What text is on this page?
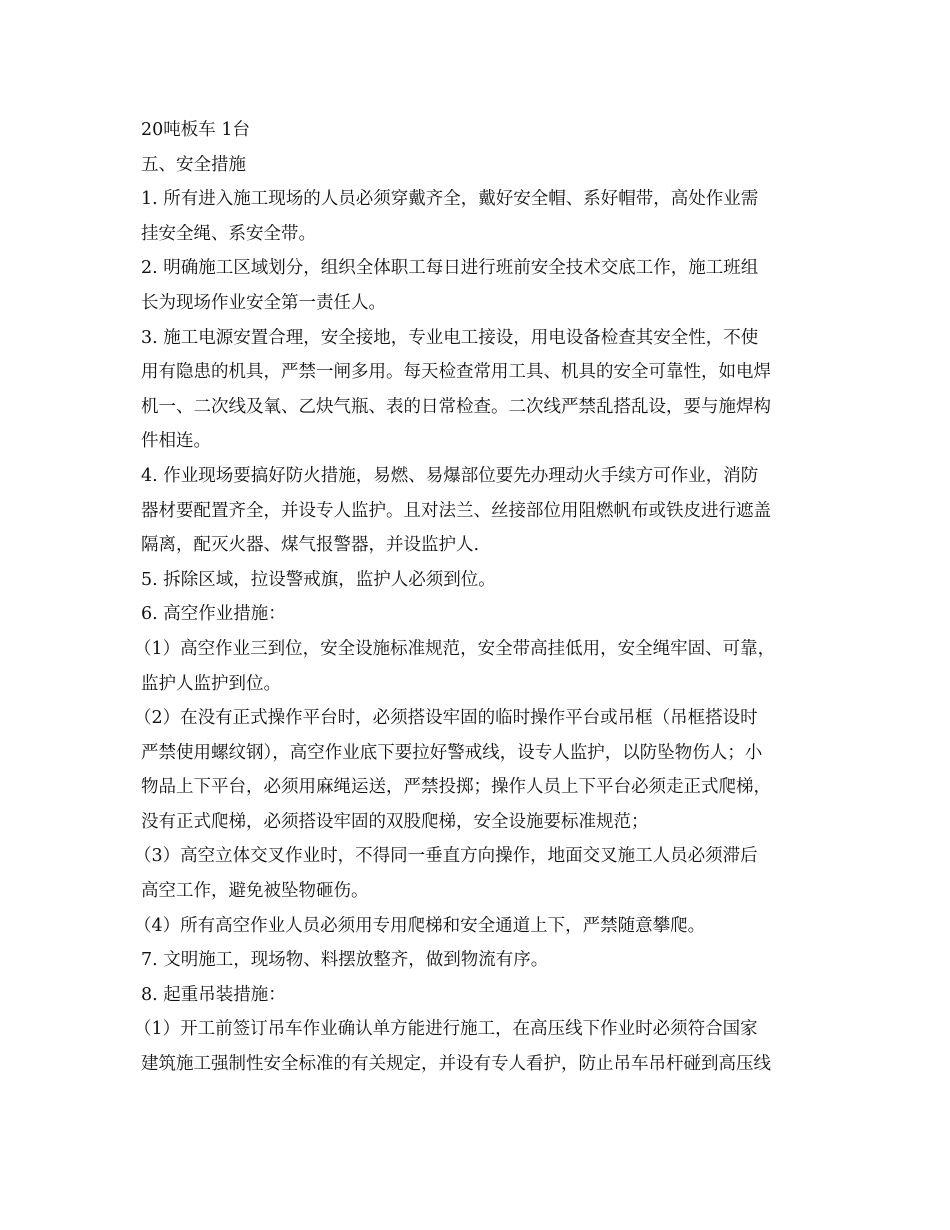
20吨板车 1台
五、安全措施
1. 所有进入施工现场的人员必须穿戴齐全，戴好安全帽、系好帽带，高处作业需
挂安全绳、系安全带。
2. 明确施工区域划分，组织全体职工每日进行班前安全技术交底工作，施工班组
长为现场作业安全第一责任人。
3. 施工电源安置合理，安全接地，专业电工接设，用电设备检查其安全性，不使
用有隐患的机具，严禁一闸多用。每天检查常用工具、机具的安全可靠性，如电焊
机一、二次线及氧、乙炔气瓶、表的日常检查。二次线严禁乱搭乱设，要与施焊构
件相连。
4. 作业现场要搞好防火措施，易燃、易爆部位要先办理动火手续方可作业，消防
器材要配置齐全，并设专人监护。且对法兰、丝接部位用阻燃帆布或铁皮进行遮盖
隔离，配灭火器、煤气报警器，并设监护人.
5. 拆除区域，拉设警戒旗，监护人必须到位。
6. 高空作业措施：
（1）高空作业三到位，安全设施标准规范，安全带高挂低用，安全绳牢固、可靠，
监护人监护到位。
（2）在没有正式操作平台时，必须搭设牢固的临时操作平台或吊框（吊框搭设时
严禁使用螺纹钢），高空作业底下要拉好警戒线，设专人监护，以防坠物伤人；小
物品上下平台，必须用麻绳运送，严禁投掷；操作人员上下平台必须走正式爬梯，
没有正式爬梯，必须搭设牢固的双股爬梯，安全设施要标准规范；
（3）高空立体交叉作业时，不得同一垂直方向操作，地面交叉施工人员必须滞后
高空工作，避免被坠物砸伤。
（4）所有高空作业人员必须用专用爬梯和安全通道上下，严禁随意攀爬。
7. 文明施工，现场物、料摆放整齐，做到物流有序。
8. 起重吊装措施：
（1）开工前签订吊车作业确认单方能进行施工，在高压线下作业时必须符合国家
建筑施工强制性安全标准的有关规定，并设有专人看护，防止吊车吊杆碰到高压线
